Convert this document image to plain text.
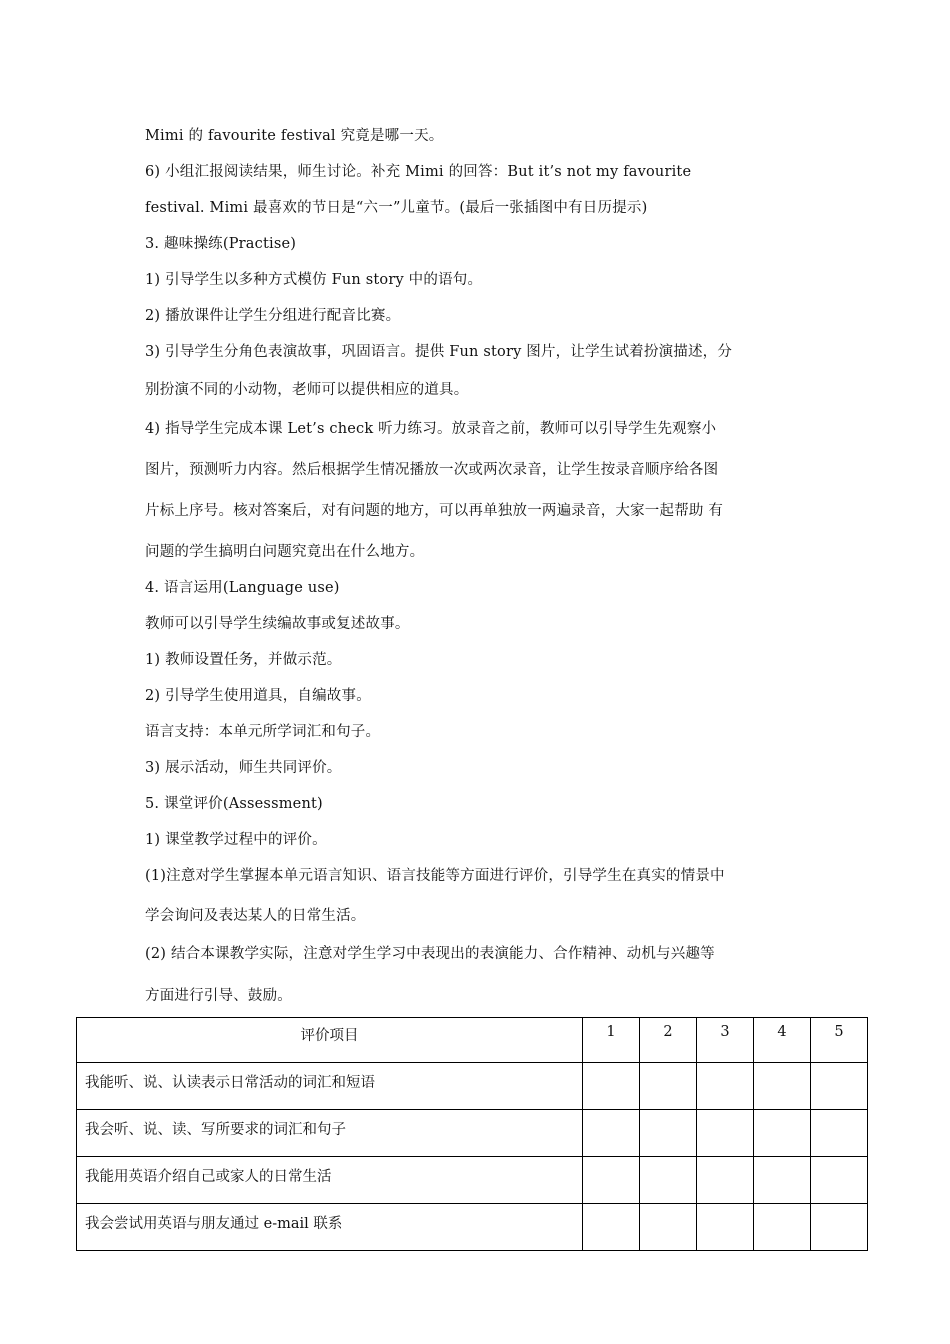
Mimi 的 favourite festival 究竟是哪一天。
6) 小组汇报阅读结果，师生讨论。补充 Mimi 的回答：But it’s not my favourite
festival. Mimi 最喜欢的节日是“六一”儿童节。(最后一张插图中有日历提示)
3. 趣味操练(Practise)
1) 引导学生以多种方式模仿 Fun story 中的语句。
2) 播放课件让学生分组进行配音比赛。
3) 引导学生分角色表演故事，巩固语言。提供 Fun story 图片，让学生试着扮演描述，分
别扮演不同的小动物，老师可以提供相应的道具。
4) 指导学生完成本课 Let’s check 听力练习。放录音之前，教师可以引导学生先观察小
图片，预测听力内容。然后根据学生情况播放一次或两次录音，让学生按录音顺序给各图
片标上序号。核对答案后，对有问题的地方，可以再单独放一两遍录音，大家一起帮助 有
问题的学生搞明白问题究竟出在什么地方。
4. 语言运用(Language use)
教师可以引导学生续编故事或复述故事。
1) 教师设置任务，并做示范。
2) 引导学生使用道具，自编故事。
语言支持：本单元所学词汇和句子。
3) 展示活动，师生共同评价。
5. 课堂评价(Assessment)
1) 课堂教学过程中的评价。
(1)注意对学生掌握本单元语言知识、语言技能等方面进行评价，引导学生在真实的情景中
学会询问及表达某人的日常生活。
(2) 结合本课教学实际，注意对学生学习中表现出的表演能力、合作精神、动机与兴趣等
方面进行引导、鼓励。
评价项目	1	2	3	4	5
我能听、说、认读表示日常活动的词汇和短语					
我会听、说、读、写所要求的词汇和句子					
我能用英语介绍自己或家人的日常生活					
我会尝试用英语与朋友通过 e-mail 联系					
